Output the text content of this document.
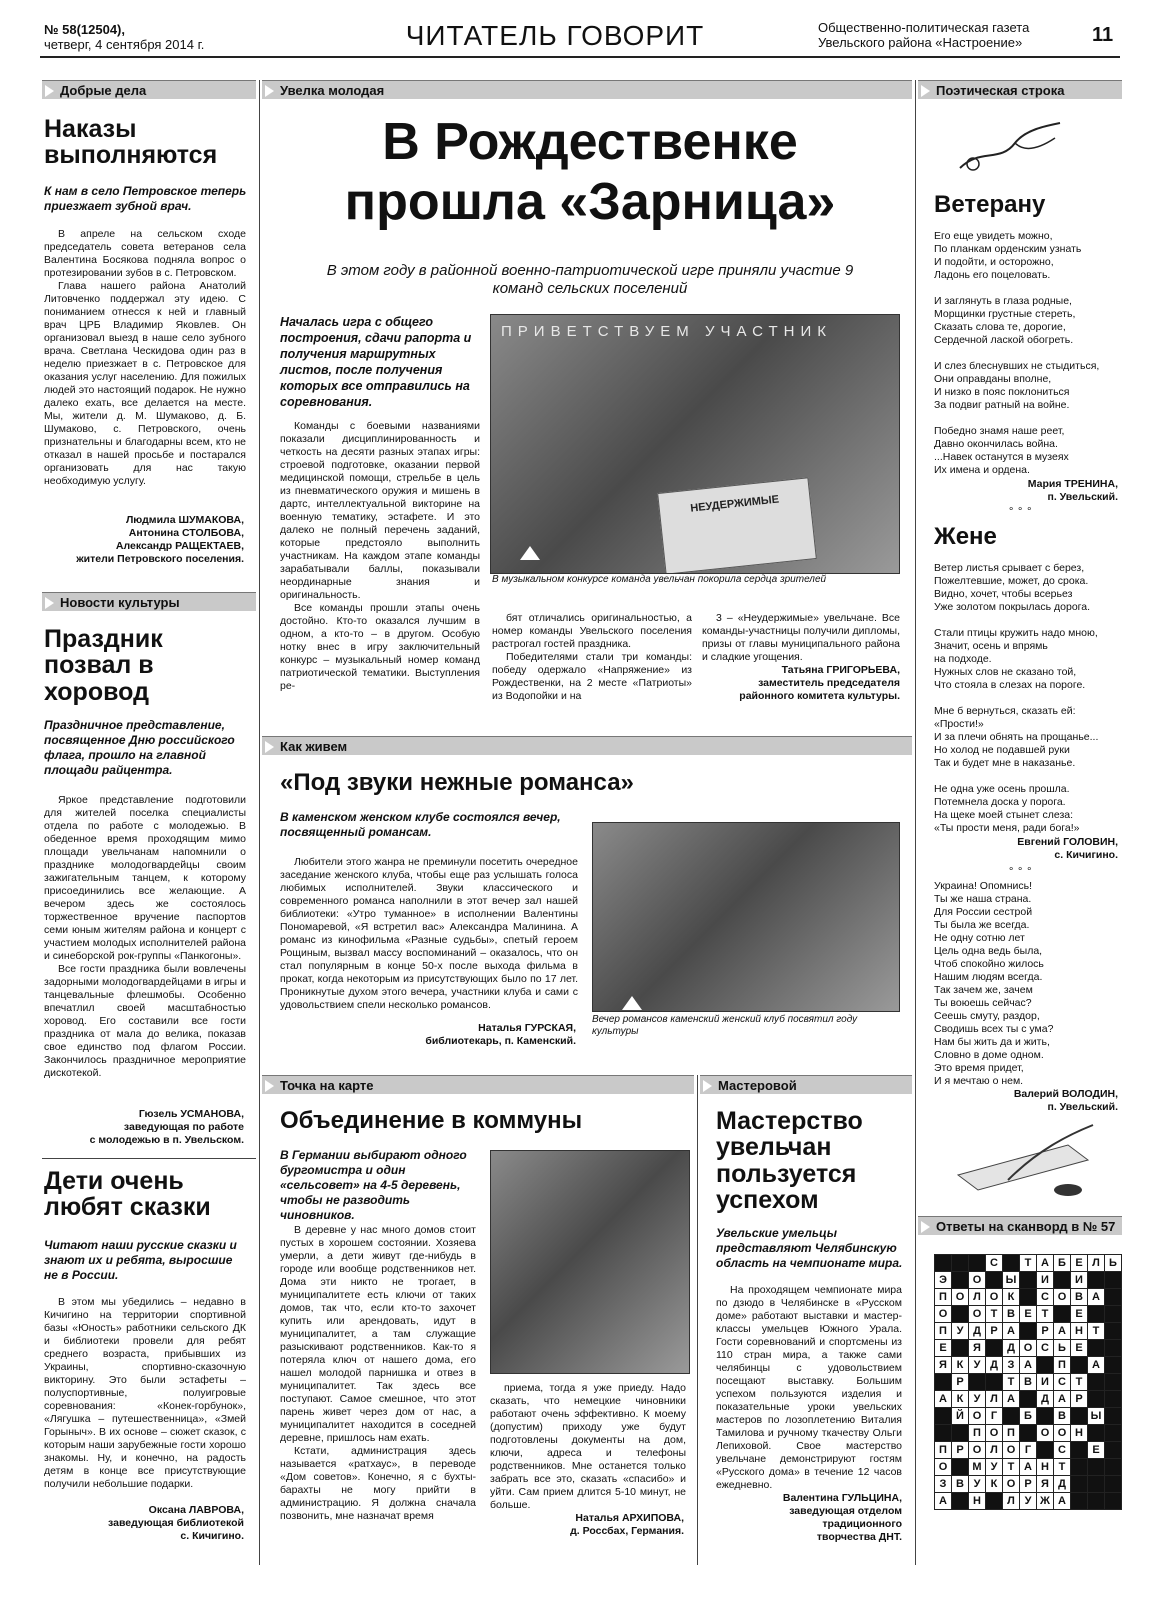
№ 58(12504),
четверг, 4 сентября 2014 г.	ЧИТАТЕЛЬ ГОВОРИТ	Общественно-политическая газета
Увельского района «Настроение»	11
Добрые дела
Наказы выполняются
К нам в село Петровское теперь приезжает зубной врач.

В апреле на сельском сходе председатель совета ветеранов села Валентина Босякова подняла вопрос о протезировании зубов в с. Петровском.

Глава нашего района Анатолий Литовченко поддержал эту идею. С пониманием отнесся к ней и главный врач ЦРБ Владимир Яковлев. Он организовал выезд в наше село зубного врача. Светлана Ческидова один раз в неделю приезжает в с. Петровское для оказания услуг населению. Для пожилых людей это настоящий подарок. Не нужно далеко ехать, все делается на месте. Мы, жители д. М. Шумаково, д. Б. Шумаково, с. Петровского, очень признательны и благодарны всем, кто не отказал в нашей просьбе и постарался организовать для нас такую необходимую услугу.

Людмила ШУМАКОВА,
Антонина СТОЛБОВА,
Александр РАЩЕКТАЕВ,
жители Петровского поселения.
Новости культуры
Праздник позвал в хоровод
Праздничное представление, посвященное Дню российского флага, прошло на главной площади райцентра.

Яркое представление подготовили для жителей поселка специалисты отдела по работе с молодежью. В обеденное время проходящим мимо площади увельчанам напомнили о празднике молодогвардейцы своим зажигательным танцем, к которому присоединились все желающие. А вечером здесь же состоялось торжественное вручение паспортов семи юным жителям района и концерт с участием молодых исполнителей района и синеборской рок-группы «Панкогоны».

Все гости праздника были вовлечены задорными молодогвардейцами в игры и танцевальные флешмобы. Особенно впечатлил своей масштабностью хоровод. Его составили все гости праздника от мала до велика, показав свое единство под флагом России. Закончилось праздничное мероприятие дискотекой.

Гюзель УСМАНОВА,
заведующая по работе
с молодежью в п. Увельском.
Дети очень любят сказки
Читают наши русские сказки и знают их и ребята, выросшие не в России.

В этом мы убедились – недавно в Кичигино на территории спортивной базы «Юность» работники сельского ДК и библиотеки провели для ребят среднего возраста, прибывших из Украины, спортивно-сказочную викторину. Это были эстафеты – полуспортивные, полуигровые соревнования: «Конек-горбунок», «Лягушка – путешественница», «Змей Горыныч». В их основе – сюжет сказок, с которым наши зарубежные гости хорошо знакомы. Ну, и конечно, на радость детям в конце все присутствующие получили небольшие подарки.

Оксана ЛАВРОВА,
заведующая библиотекой
с. Кичигино.
Увелка молодая
В Рождественке прошла «Зарница»
В этом году в районной военно-патриотической игре приняли участие 9 команд сельских поселений
Началась игра с общего построения, сдачи рапорта и получения маршрутных листов, после получения которых все отправились на соревнования.

Команды с боевыми названиями показали дисциплинированность и четкость на десяти разных этапах игры: строевой подготовке, оказании первой медицинской помощи, стрельбе в цель из пневматического оружия и мишень в дартс, интеллектуальной викторине на военную тематику, эстафете. И это далеко не полный перечень заданий, которые предстояло выполнить участникам. На каждом этапе команды зарабатывали баллы, показывали неординарные знания и оригинальность.

Все команды прошли этапы очень достойно. Кто-то оказался лучшим в одном, а кто-то – в другом. Особую нотку внес в игру заключительный конкурс – музыкальный номер команд патриотической тематики. Выступления ре-

ПРИВЕТСТВУЕМ УЧАСТНИК
НЕУДЕРЖИМЫЕ
В музыкальном конкурсе команда увельчан покорила сердца зрителей

бят отличались оригинальностью, а номер команды Увельского поселения растрогал гостей праздника.

Победителями стали три команды: победу одержало «Напряжение» из Рождественки, на 2 месте «Патриоты» из Водопойки и на

3 – «Неудержимые» увельчане. Все команды-участницы получили дипломы, призы от главы муниципального района и сладкие угощения.

Татьяна ГРИГОРЬЕВА,
заместитель председателя
районного комитета культуры.
Как живем
«Под звуки нежные романса»
В каменском женском клубе состоялся вечер, посвященный романсам.

Любители этого жанра не преминули посетить очередное заседание женского клуба, чтобы еще раз услышать голоса любимых исполнителей. Звуки классического и современного романса наполнили в этот вечер зал нашей библиотеки: «Утро туманное» в исполнении Валентины Пономаревой, «Я встретил вас» Александра Малинина. А романс из кинофильма «Разные судьбы», спетый героем Рощиным, вызвал массу воспоминаний – оказалось, что он стал популярным в конце 50-х после выхода фильма в прокат, когда некоторым из присутствующих было по 17 лет. Проникнутые духом этого вечера, участники клуба и сами с удовольствием спели несколько романсов.

Наталья ГУРСКАЯ,
библиотекарь, п. Каменский.
Вечер романсов каменский женский клуб посвятил году культуры
Точка на карте
Объединение в коммуны
В Германии выбирают одного бургомистра и один «сельсовет» на 4-5 деревень, чтобы не разводить чиновников.

В деревне у нас много домов стоит пустых в хорошем состоянии. Хозяева умерли, а дети живут где-нибудь в городе или вообще родственников нет. Дома эти никто не трогает, в муниципалитете есть ключи от таких домов, так что, если кто-то захочет купить или арендовать, идут в муниципалитет, а там служащие разыскивают родственников. Как-то я потеряла ключ от нашего дома, его нашел молодой парнишка и отвез в муниципалитет. Так здесь все поступают. Самое смешное, что этот парень живет через дом от нас, а муниципалитет находится в соседней деревне, пришлось нам ехать.

Кстати, администрация здесь называется «ратхаус», в переводе «Дом советов». Конечно, я с бухты-барахты не могу прийти в администрацию. Я должна сначала позвонить, мне назначат время

приема, тогда я уже приеду. Надо сказать, что немецкие чиновники работают очень эффективно. К моему (допустим) приходу уже будут подготовлены документы на дом, ключи, адреса и телефоны родственников. Мне останется только забрать все это, сказать «спасибо» и уйти. Сам прием длится 5-10 минут, не больше.

Наталья АРХИПОВА,
д. Россбах, Германия.
Мастеровой
Мастерство увельчан пользуется успехом
Увельские умельцы представляют Челябинскую область на чемпионате мира.

На проходящем чемпионате мира по дзюдо в Челябинске в «Русском доме» работают выставки и мастер-классы умельцев Южного Урала. Гости соревнований и спортсмены из 110 стран мира, а также сами челябинцы с удовольствием посещают выставку. Большим успехом пользуются изделия и показательные уроки увельских мастеров по лозоплетению Виталия Тамилова и ручному ткачеству Ольги Лепиховой. Свое мастерство увельчане демонстрируют гостям «Русского дома» в течение 12 часов ежедневно.

Валентина ГУЛЬЦИНА,
заведующая отделом
традиционного
творчества ДНТ.
Поэтическая строка
Ветерану
Его еще увидеть можно,
По планкам орденским узнать
И подойти, и осторожно,
Ладонь его поцеловать.

И заглянуть в глаза родные,
Морщинки грустные стереть,
Сказать слова те, дорогие,
Сердечной лаской обогреть.

И слез блеснувших не стыдиться,
Они оправданы вполне,
И низко в пояс поклониться
За подвиг ратный на войне.

Победно знамя наше реет,
Давно окончилась война.
...Навек останутся в музеях
Их имена и ордена.
Мария ТРЕНИНА,
п. Увельский.
∘ ∘ ∘
Жене
Ветер листья срывает с берез,
Пожелтевшие, может, до срока.
Видно, хочет, чтобы всерьез
Уже золотом покрылась дорога.

Стали птицы кружить надо мною,
Значит, осень и впрямь
на подходе.
Нужных слов не сказано той,
Что стояла в слезах на пороге.

Мне б вернуться, сказать ей:
«Прости!»
И за плечи обнять на прощанье...
Но холод не подавшей руки
Так и будет мне в наказанье.

Не одна уже осень прошла.
Потемнела доска у порога.
На щеке моей стынет слеза:
«Ты прости меня, ради бога!»
Евгений ГОЛОВИН,
с. Кичигино.
∘ ∘ ∘
Украина! Опомнись!
Ты же наша страна.
Для России сестрой
Ты была же всегда.
Не одну сотню лет
Цель одна ведь была,
Чтоб спокойно жилось
Нашим людям всегда.
Так зачем же, зачем
Ты воюешь сейчас?
Сеешь смуту, раздор,
Сводишь всех ты с ума?
Нам бы жить да и жить,
Словно в доме одном.
Это время придет,
И я мечтаю о нем.
Валерий ВОЛОДИН,
п. Увельский.
Ответы на сканворд в № 57
			С		Т	А	Б	Е	Л	Ь
Э		О		Ы		И		И		
П	О	Л	О	К		С	О	В	А	
О		О	Т	В	Е	Т		Е		
П	У	Д	Р	А		Р	А	Н	Т	
Е		Я		Д	О	С	Ь	Е		
Я	К	У	Д	З	А		П		А	
	Р			Т	В	И	С	Т		
А	К	У	Л	А		Д	А	Р		
	Й	О	Г		Б		В		Ы	
		П	О	П		О	О	Н		
П	Р	О	Л	О	Г		С		Е	
О		М	У	Т	А	Н	Т			
З	В	У	К	О	Р	Я	Д			
А		Н		Л	У	Ж	А			
